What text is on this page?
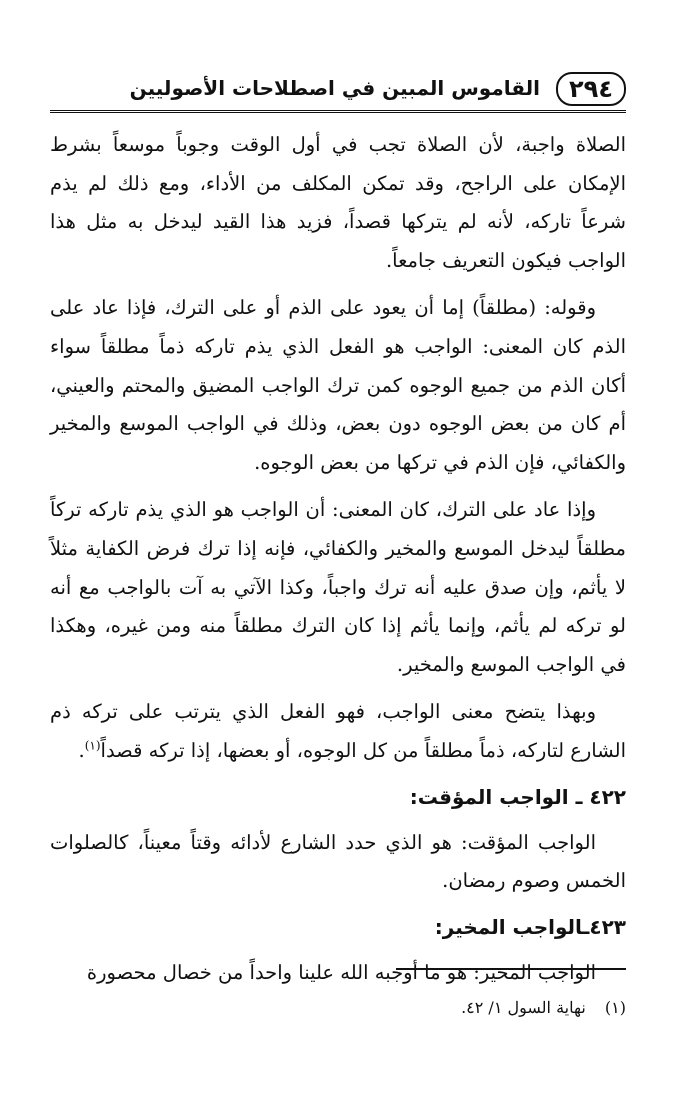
٢٩٤
القاموس المبين في اصطلاحات الأصوليين

الصلاة واجبة، لأن الصلاة تجب في أول الوقت وجوباً موسعاً بشرط الإمكان على الراجح، وقد تمكن المكلف من الأداء، ومع ذلك لم يذم شرعاً تاركه، لأنه لم يتركها قصداً، فزيد هذا القيد ليدخل به مثل هذا الواجب فيكون التعريف جامعاً.

وقوله: (مطلقاً) إما أن يعود على الذم أو على الترك، فإذا عاد على الذم كان المعنى: الواجب هو الفعل الذي يذم تاركه ذماً مطلقاً سواء أكان الذم من جميع الوجوه كمن ترك الواجب المضيق والمحتم والعيني، أم كان من بعض الوجوه دون بعض، وذلك في الواجب الموسع والمخير والكفائي، فإن الذم في تركها من بعض الوجوه.

وإذا عاد على الترك، كان المعنى: أن الواجب هو الذي يذم تاركه تركاً مطلقاً ليدخل الموسع والمخير والكفائي، فإنه إذا ترك فرض الكفاية مثلاً لا يأثم، وإن صدق عليه أنه ترك واجباً، وكذا الآتي به آت بالواجب مع أنه لو تركه لم يأثم، وإنما يأثم إذا كان الترك مطلقاً منه ومن غيره، وهكذا في الواجب الموسع والمخير.

وبهذا يتضح معنى الواجب، فهو الفعل الذي يترتب على تركه ذم الشارع لتاركه، ذماً مطلقاً من كل الوجوه، أو بعضها، إذا تركه قصداً$^{(١)}$.

٤٢٢ ـ الواجب المؤقت:

الواجب المؤقت: هو الذي حدد الشارع لأدائه وقتاً معيناً، كالصلوات الخمس وصوم رمضان.

٤٢٣ـالواجب المخير:

الواجب المخير: هو ما أوجبه الله علينا واحداً من خصال محصورة

(١) نهاية السول ١/ ٤٢.
